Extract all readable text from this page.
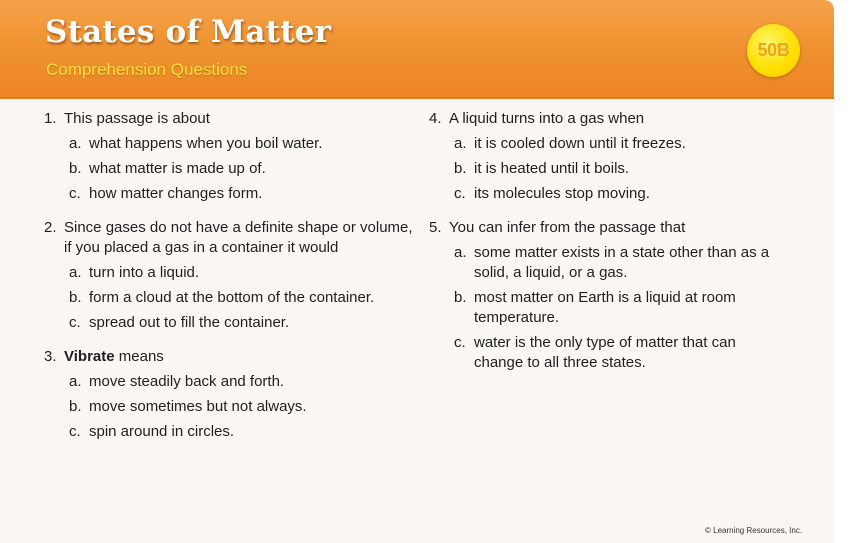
States of Matter
Comprehension Questions
50B
1. This passage is about
a. what happens when you boil water.
b. what matter is made up of.
c. how matter changes form.
2. Since gases do not have a definite shape or volume, if you placed a gas in a container it would
a. turn into a liquid.
b. form a cloud at the bottom of the container.
c. spread out to fill the container.
3. Vibrate means
a. move steadily back and forth.
b. move sometimes but not always.
c. spin around in circles.
4. A liquid turns into a gas when
a. it is cooled down until it freezes.
b. it is heated until it boils.
c. its molecules stop moving.
5. You can infer from the passage that
a. some matter exists in a state other than as a solid, a liquid, or a gas.
b. most matter on Earth is a liquid at room temperature.
c. water is the only type of matter that can change to all three states.
© Learning Resources, Inc.
